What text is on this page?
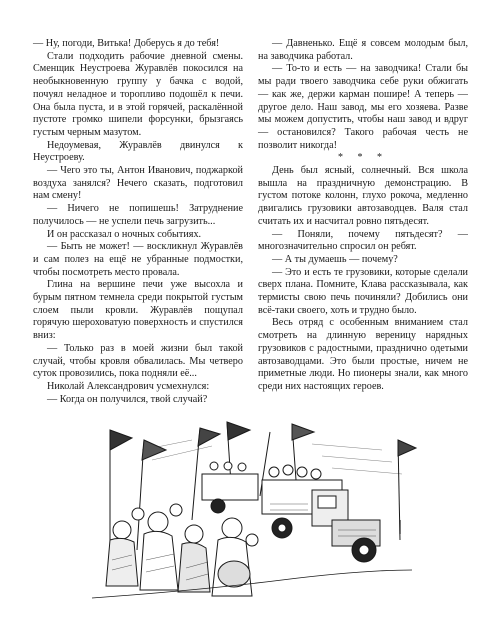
— Ну, погоди, Витька! Доберусь я до тебя!

Стали подходить рабочие дневной смены. Сменщик Неустроева Журавлёв покосился на необыкновенную группу у бачка с водой, почуял неладное и торопливо подошёл к печи. Она была пуста, и в этой горячей, раскалённой пустоте громко шипели форсунки, брызгаясь густым черным мазутом.

Недоумевая, Журавлёв двинулся к Неустроеву.

— Чего это ты, Антон Иванович, поджаркой воздуха занялся? Нечего сказать, подготовил нам смену!

— Ничего не попишешь! Затруднение получилось — не успели печь загрузить...

И он рассказал о ночных событиях.

— Быть не может! — воскликнул Журавлёв и сам полез на ещё не убранные подмостки, чтобы посмотреть место провала.

Глина на вершине печи уже высохла и бурым пятном темнела среди покрытой густым слоем пыли кровли. Журавлёв пощупал горячую шероховатую поверхность и спустился вниз:

— Только раз в моей жизни был такой случай, чтобы кровля обвалилась. Мы четверо суток провозились, пока подняли её...

Николай Александрович усмехнулся:

— Когда он получился, твой случай?

— Давненько. Ещё я совсем молодым был, на заводчика работал.

— То-то и есть — на заводчика! Стали бы мы ради твоего заводчика себе руки обжигать — как же, держи карман пошире! А теперь — другое дело. Наш завод, мы его хозяева. Разве мы можем допустить, чтобы наш завод и вдруг — остановился? Такого рабочая честь не позволит никогда!

* * *

День был ясный, солнечный. Вся школа вышла на праздничную демонстрацию. В густом потоке колонн, глухо рокоча, медленно двигались грузовики автозаводцев. Валя стал считать их и насчитал ровно пятьдесят.

— Поняли, почему пятьдесят? — многозначительно спросил он ребят.

— А ты думаешь — почему?

— Это и есть те грузовики, которые сделали сверх плана. Помните, Клава рассказывала, как термисты свою печь починяли? Добились они всё-таки своего, хоть и трудно было.

Весь отряд с особенным вниманием стал смотреть на длинную вереницу нарядных грузовиков с радостными, празднично одетыми автозаводцами. Это были простые, ничем не приметные люди. Но пионеры знали, как много среди них настоящих героев.
